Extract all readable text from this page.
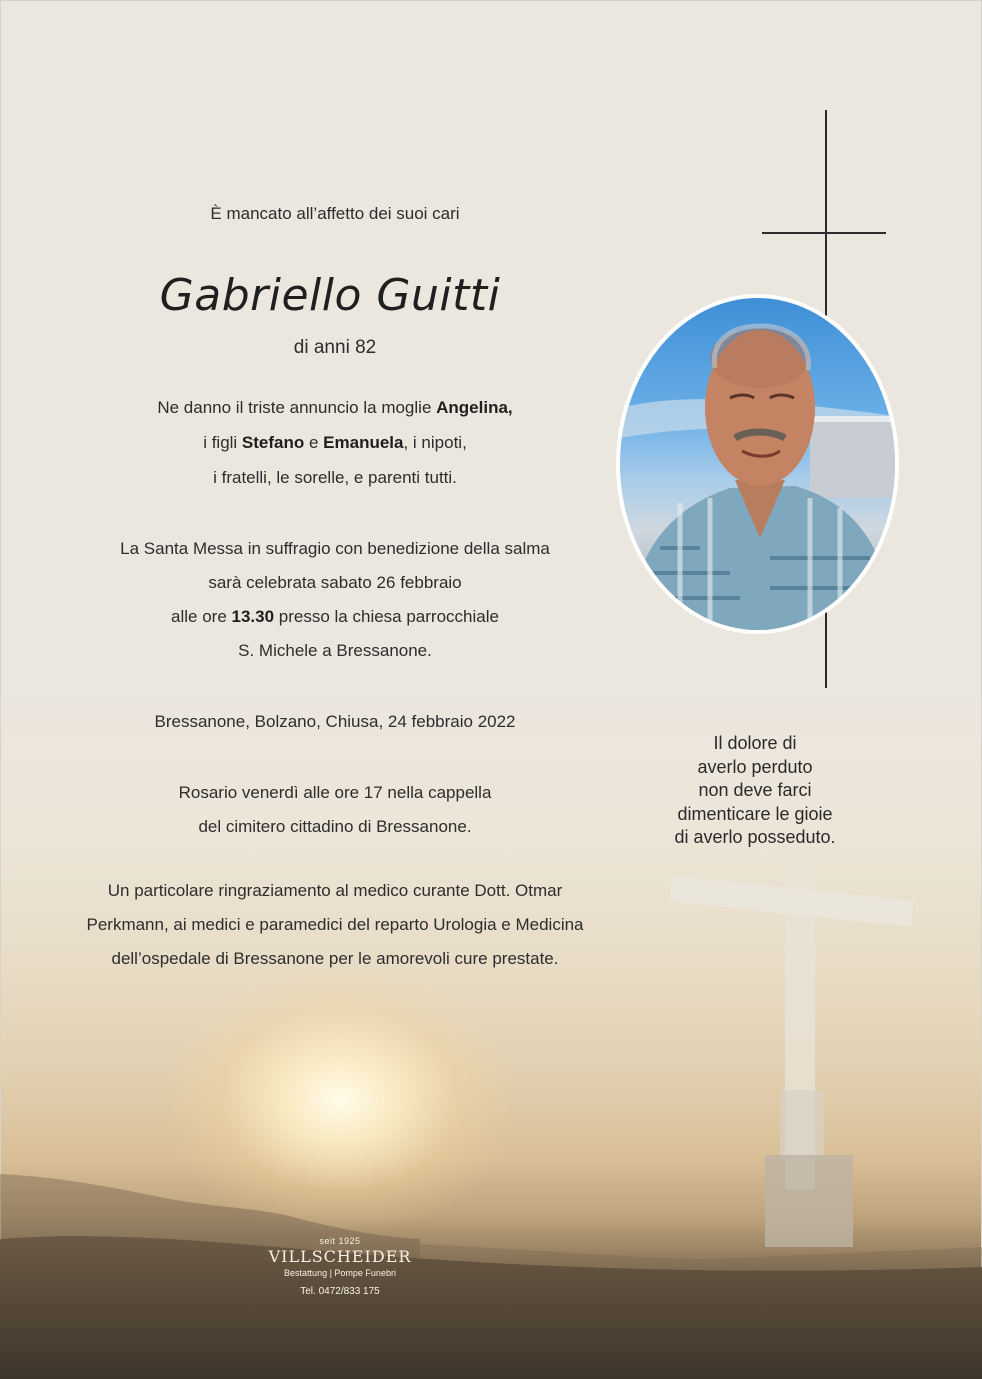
È mancato all’affetto dei suoi cari
Gabriello Guitti
di anni 82
Ne danno il triste annuncio la moglie Angelina,
i figli Stefano e Emanuela, i nipoti,
i fratelli, le sorelle, e parenti tutti.
La Santa Messa in suffragio con benedizione della salma
sarà celebrata sabato 26 febbraio
alle ore 13.30 presso la chiesa parrocchiale
S. Michele a Bressanone.
Bressanone, Bolzano, Chiusa, 24 febbraio 2022
Rosario venerdì alle ore 17 nella cappella
del cimitero cittadino di Bressanone.
Un particolare ringraziamento al medico curante Dott. Otmar
Perkmann, ai medici e paramedici del reparto Urologia e Medicina
dell’ospedale di Bressanone per le amorevoli cure prestate.
Il dolore di
averlo perduto
non deve farci
dimenticare le gioie
di averlo posseduto.
seit 1925
VILLSCHEIDER
Bestattung | Pompe Funebri
Tel. 0472/833 175
